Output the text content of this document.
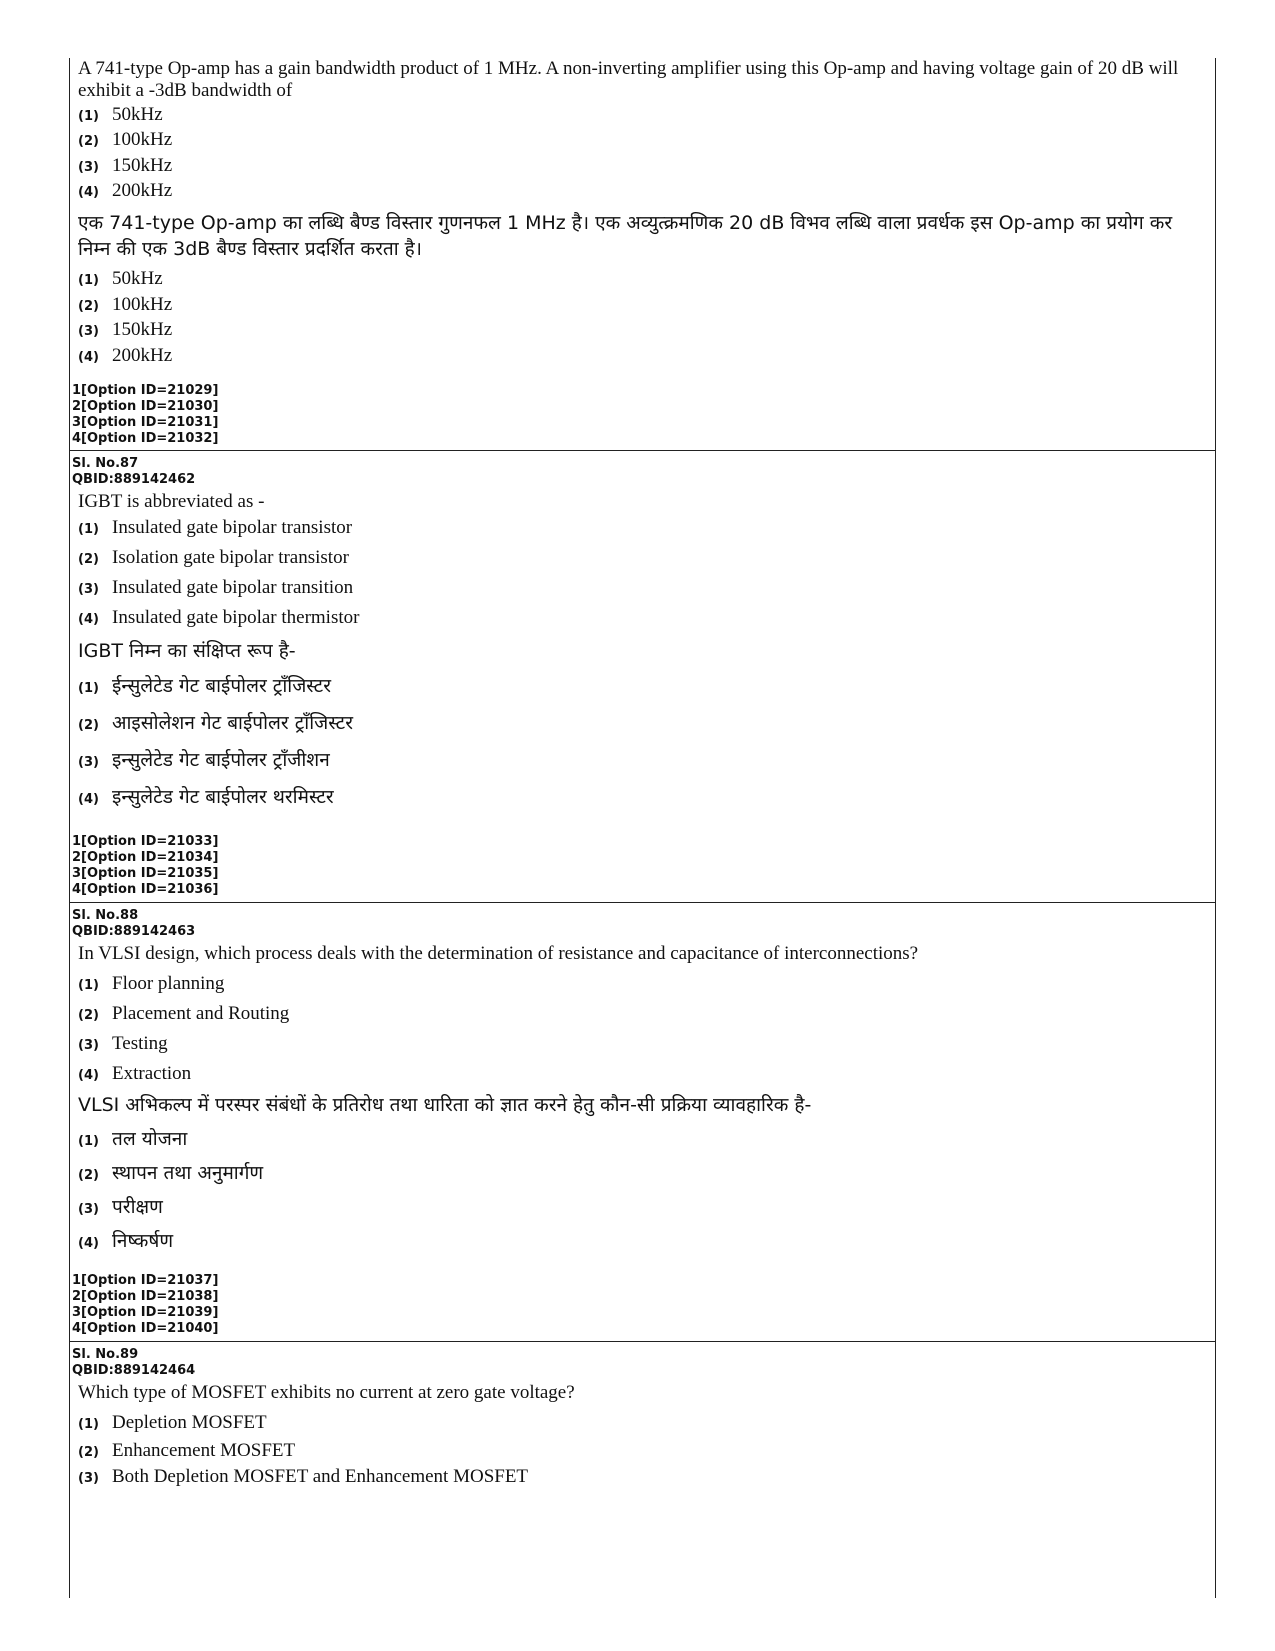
A 741-type Op-amp has a gain bandwidth product of 1 MHz. A non-inverting amplifier using this Op-amp and having voltage gain of 20 dB will exhibit a -3dB bandwidth of
(1) 50kHz
(2) 100kHz
(3) 150kHz
(4) 200kHz
एक 741-type Op-amp का लब्धि बैण्ड विस्तार गुणनफल 1 MHz है। एक अव्युत्क्रमणिक 20 dB विभव लब्धि वाला प्रवर्धक इस Op-amp का प्रयोग कर निम्न की एक 3dB बैण्ड विस्तार प्रदर्शित करता है।
(1) 50kHz
(2) 100kHz
(3) 150kHz
(4) 200kHz
1[Option ID=21029]
2[Option ID=21030]
3[Option ID=21031]
4[Option ID=21032]
Sl. No.87
QBID:889142462
IGBT is abbreviated as -
(1) Insulated gate bipolar transistor
(2) Isolation gate bipolar transistor
(3) Insulated gate bipolar transition
(4) Insulated gate bipolar thermistor
IGBT निम्न का संक्षिप्त रूप है-
(1) ईन्सुलेटेड गेट बाईपोलर ट्राँजिस्टर
(2) आइसोलेशन गेट बाईपोलर ट्राँजिस्टर
(3) इन्सुलेटेड गेट बाईपोलर ट्राँजीशन
(4) इन्सुलेटेड गेट बाईपोलर थरमिस्टर
1[Option ID=21033]
2[Option ID=21034]
3[Option ID=21035]
4[Option ID=21036]
Sl. No.88
QBID:889142463
In VLSI design, which process deals with the determination of resistance and capacitance of interconnections?
(1) Floor planning
(2) Placement and Routing
(3) Testing
(4) Extraction
VLSI अभिकल्प में परस्पर संबंधों के प्रतिरोध तथा धारिता को ज्ञात करने हेतु कौन-सी प्रक्रिया व्यावहारिक है-
(1) तल योजना
(2) स्थापन तथा अनुमार्गण
(3) परीक्षण
(4) निष्कर्षण
1[Option ID=21037]
2[Option ID=21038]
3[Option ID=21039]
4[Option ID=21040]
Sl. No.89
QBID:889142464
Which type of MOSFET exhibits no current at zero gate voltage?
(1) Depletion MOSFET
(2) Enhancement MOSFET
(3) Both Depletion MOSFET and Enhancement MOSFET
